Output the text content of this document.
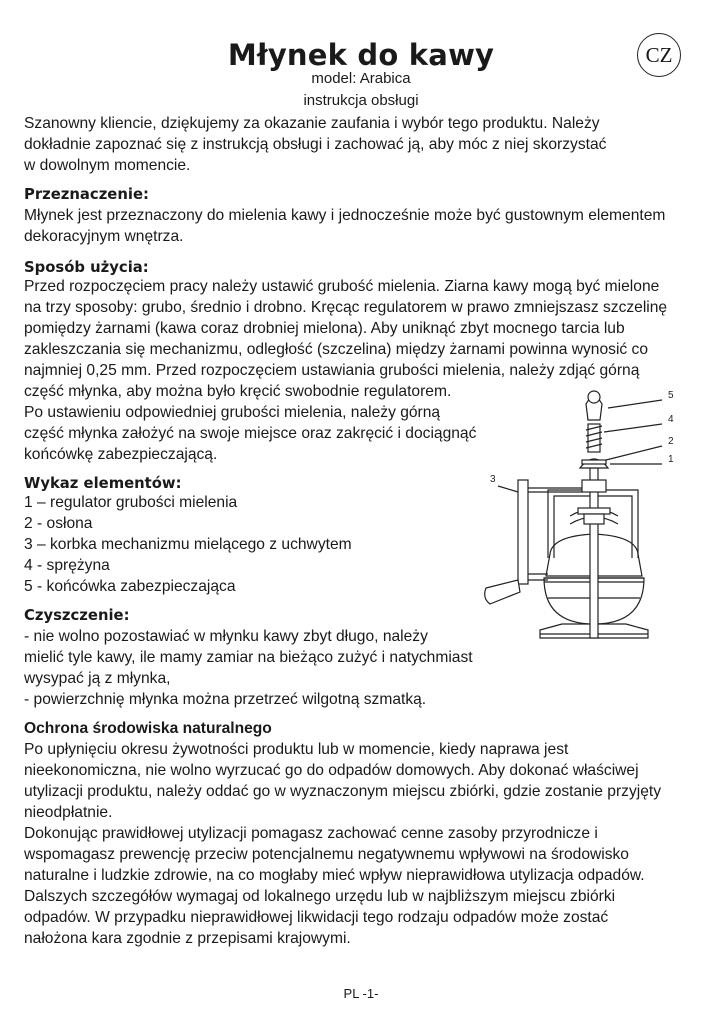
Młynek do kawy	CZ
model: Arabica
instrukcja obsługi
Szanowny kliencie, dziękujemy za okazanie zaufania i wybór tego produktu. Należy
dokładnie zapoznać się z instrukcją obsługi i zachować ją, aby móc z niej skorzystać
w dowolnym momencie.
Przeznaczenie:
Młynek jest przeznaczony do mielenia kawy i jednocześnie może być gustownym elementem
dekoracyjnym wnętrza.
Sposób użycia:
Przed rozpoczęciem pracy należy ustawić grubość mielenia. Ziarna kawy mogą być mielone
na trzy sposoby: grubo, średnio i drobno. Kręcąc regulatorem w prawo zmniejszasz szczelinę
pomiędzy żarnami (kawa coraz drobniej mielona). Aby uniknąć zbyt mocnego tarcia lub
zakleszczania się mechanizmu, odległość (szczelina) między żarnami powinna wynosić co
najmniej 0,25 mm. Przed rozpoczęciem ustawiania grubości mielenia, należy zdjąć górną
część młynka, aby można było kręcić swobodnie regulatorem.
Po ustawieniu odpowiedniej grubości mielenia, należy górną
część młynka założyć na swoje miejsce oraz zakręcić i dociągnąć
końcówkę zabezpieczającą.
Wykaz elementów:
1 – regulator grubości mielenia
2 - osłona
3 – korbka mechanizmu mielącego z uchwytem
4 - sprężyna
5 - końcówka zabezpieczająca
Czyszczenie:
- nie wolno pozostawiać w młynku kawy zbyt długo, należy
mielić tyle kawy, ile mamy zamiar na bieżąco zużyć i natychmiast
wysypać ją z młynka,
- powierzchnię młynka można przetrzeć wilgotną szmatką.
Ochrona środowiska naturalnego
Po upłynięciu okresu żywotności produktu lub w momencie, kiedy naprawa jest
nieekonomiczna, nie wolno wyrzucać go do odpadów domowych. Aby dokonać właściwej
utylizacji produktu, należy oddać go w wyznaczonym miejscu zbiórki, gdzie zostanie przyjęty
nieodpłatnie.
Dokonując prawidłowej utylizacji pomagasz zachować cenne zasoby przyrodnicze i
wspomagasz prewencję przeciw potencjalnemu negatywnemu wpływowi na środowisko
naturalne i ludzkie zdrowie, na co mogłaby mieć wpływ nieprawidłowa utylizacja odpadów.
Dalszych szczegółów wymagaj od lokalnego urzędu lub w najbliższym miejscu zbiórki
odpadów. W przypadku nieprawidłowej likwidacji tego rodzaju odpadów może zostać
nałożona kara zgodnie z przepisami krajowymi.
5
4
2
1
3
PL -1-
